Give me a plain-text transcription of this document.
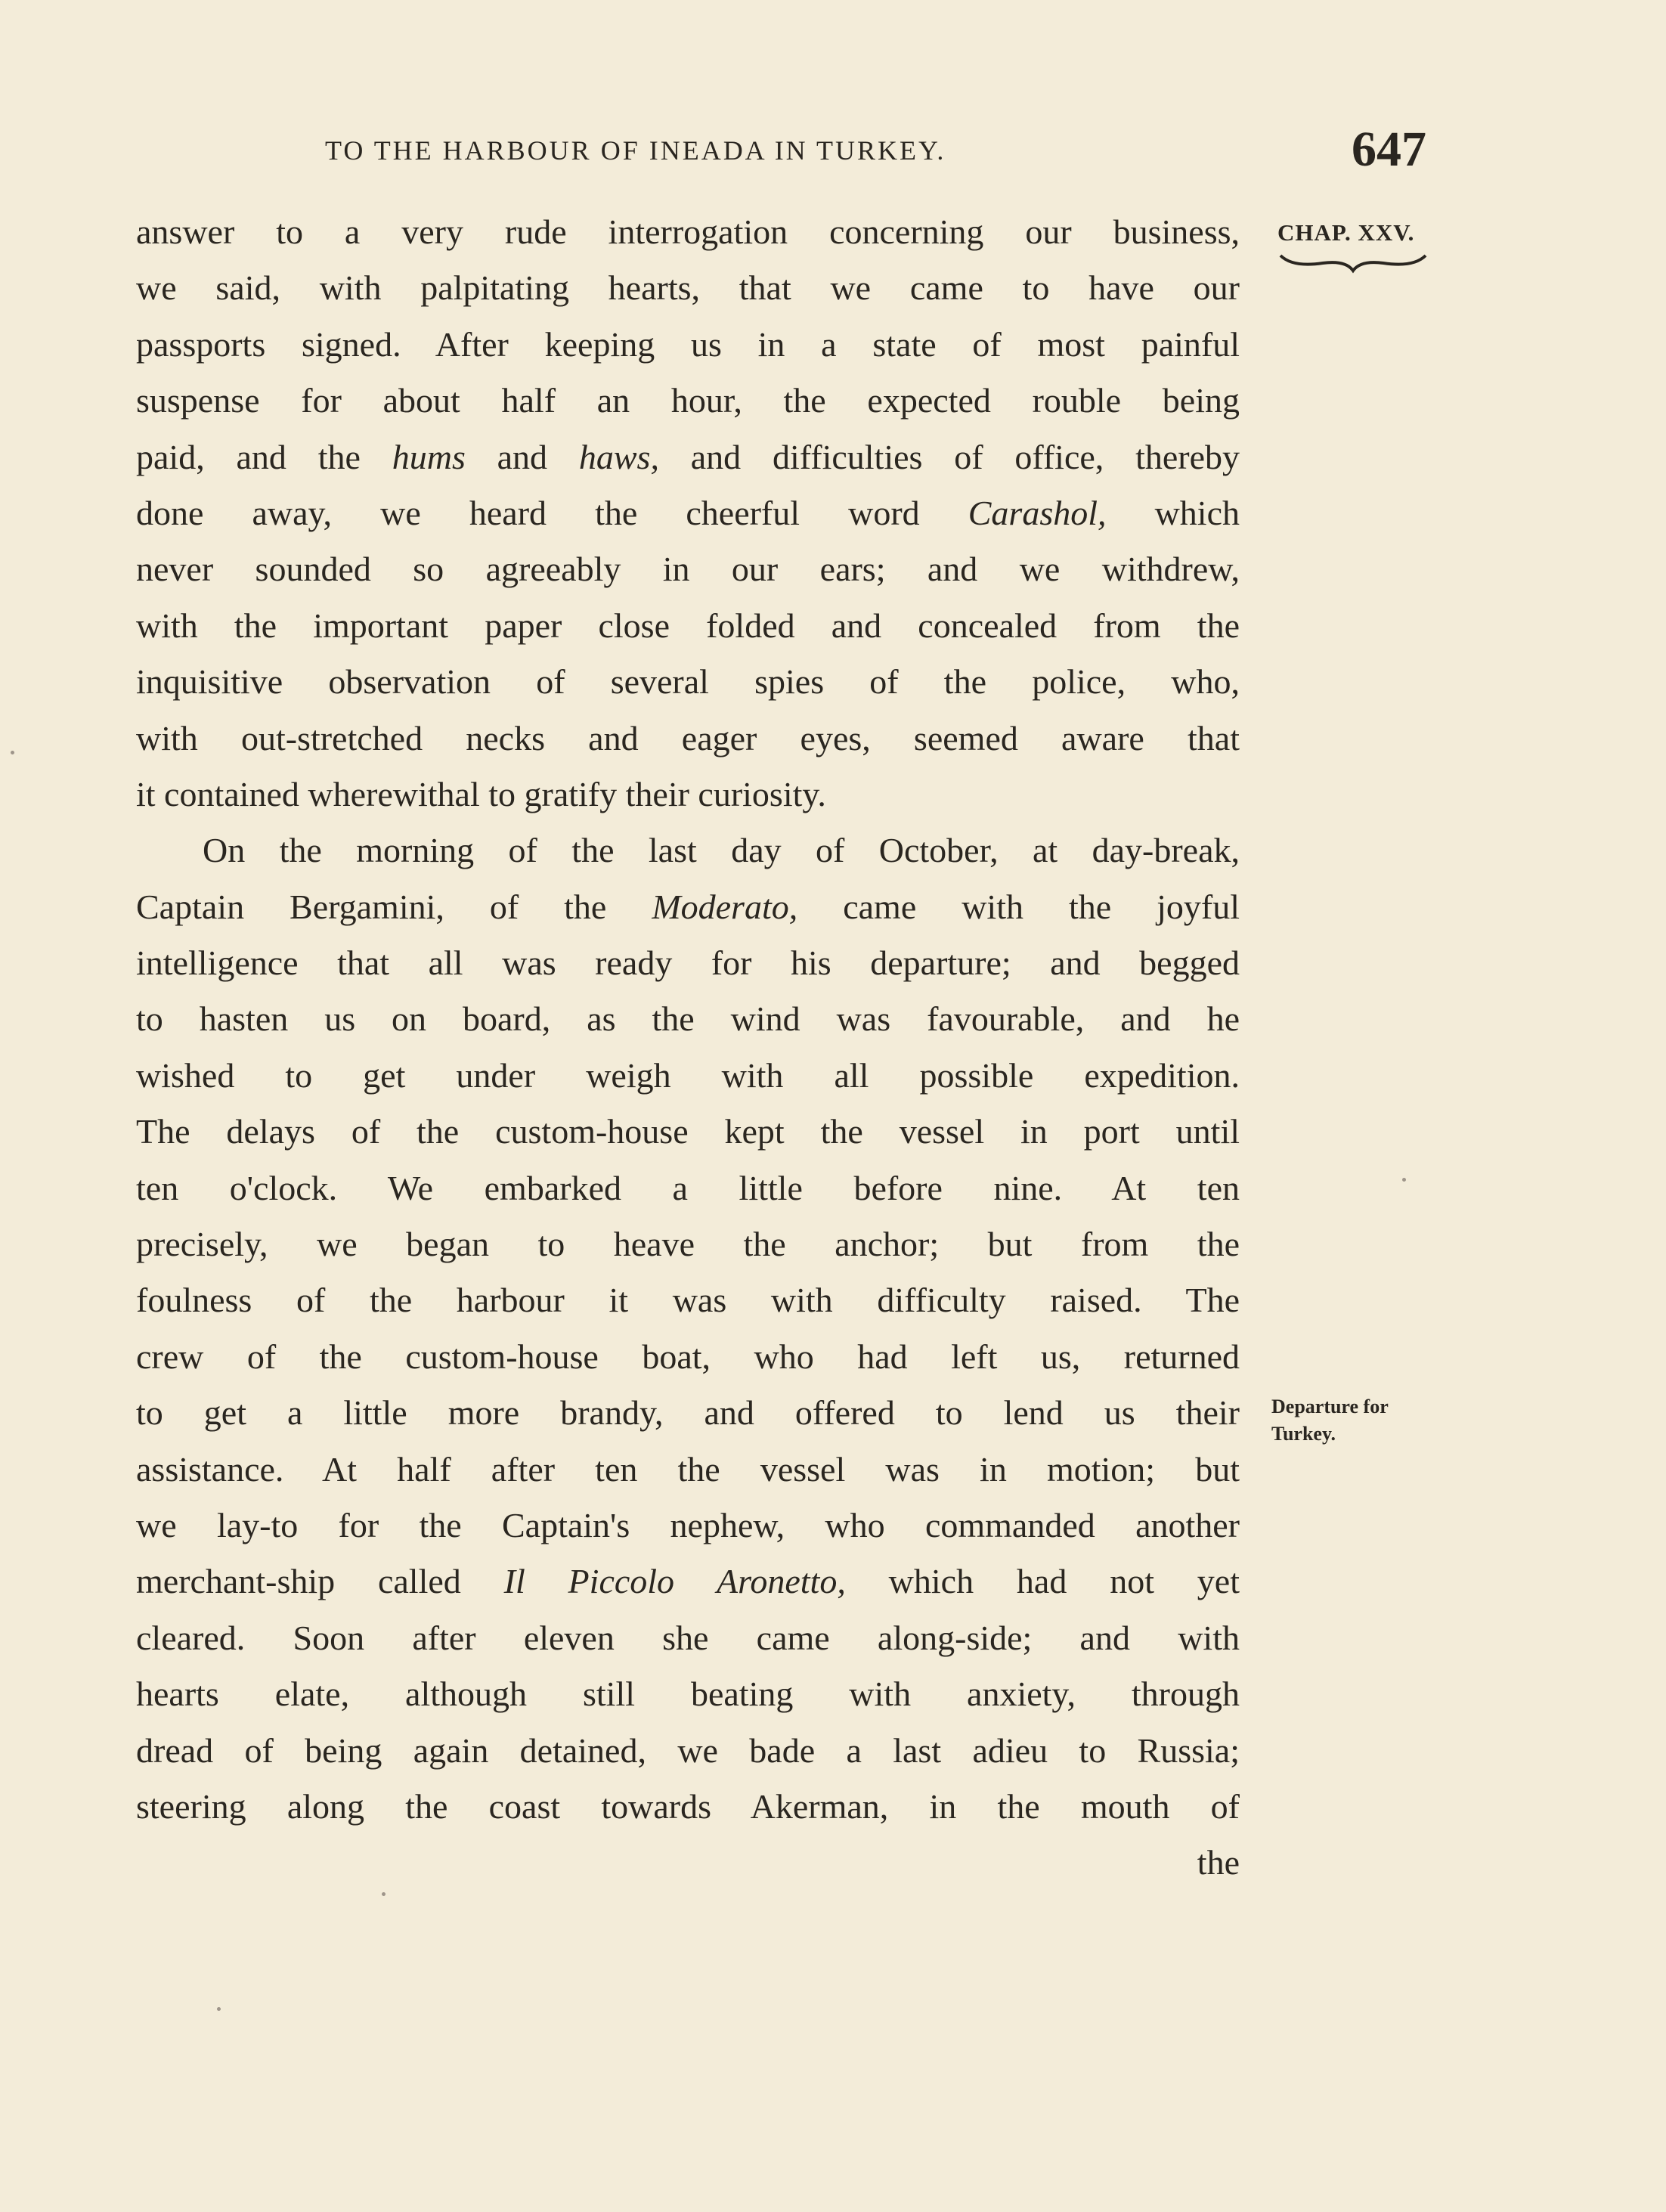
TO THE HARBOUR OF INEADA IN TURKEY.	647
CHAP. XXV.
answer to a very rude interrogation concerning our business,
we said, with palpitating hearts, that we came to have our
passports signed. After keeping us in a state of most painful
suspense for about half an hour, the expected rouble being
paid, and the hums and haws, and difficulties of office, thereby
done away, we heard the cheerful word Carashol, which
never sounded so agreeably in our ears; and we withdrew,
with the important paper close folded and concealed from the
inquisitive observation of several spies of the police, who,
with out-stretched necks and eager eyes, seemed aware that
it contained wherewithal to gratify their curiosity.
On the morning of the last day of October, at day-break,
Captain Bergamini, of the Moderato, came with the joyful
intelligence that all was ready for his departure; and begged
to hasten us on board, as the wind was favourable, and he
wished to get under weigh with all possible expedition.
The delays of the custom-house kept the vessel in port until
ten o'clock. We embarked a little before nine. At ten
precisely, we began to heave the anchor; but from the
foulness of the harbour it was with difficulty raised. The
crew of the custom-house boat, who had left us, returned
to get a little more brandy, and offered to lend us their
assistance. At half after ten the vessel was in motion; but
we lay-to for the Captain's nephew, who commanded another
merchant-ship called Il Piccolo Aronetto, which had not yet
cleared. Soon after eleven she came along-side; and with
hearts elate, although still beating with anxiety, through
dread of being again detained, we bade a last adieu to Russia;
steering along the coast towards Akerman, in the mouth of
the
Departure for Turkey.
